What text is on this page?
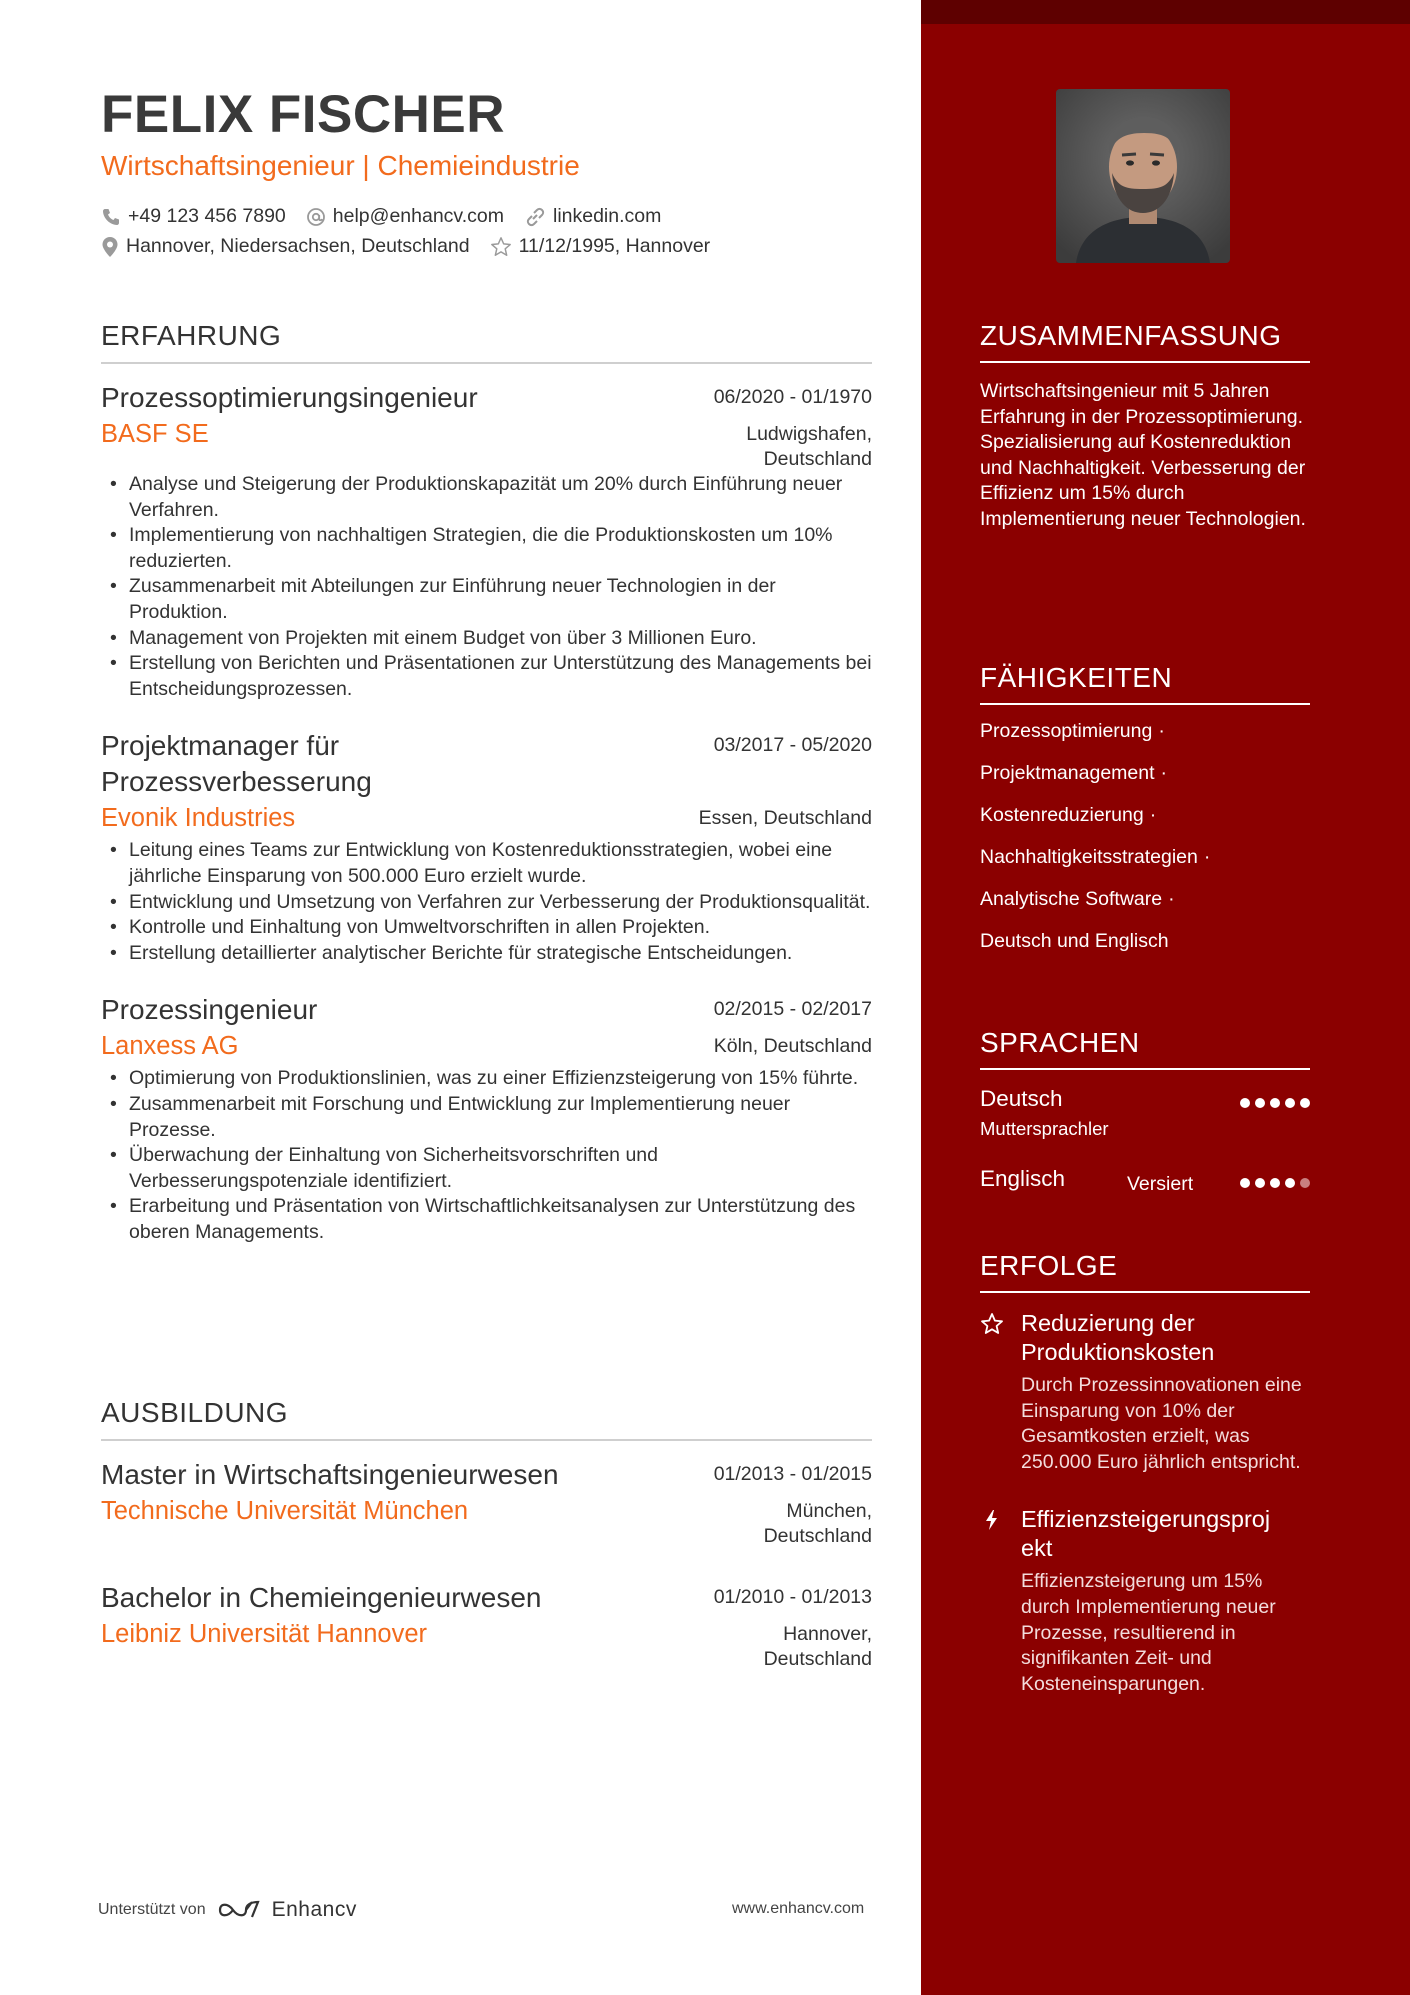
FELIX FISCHER
Wirtschaftsingenieur | Chemieindustrie
+49 123 456 7890 help@enhancv.com	linkedin.com
Hannover, Niedersachsen, Deutschland	11/12/1995, Hannover
ERFAHRUNG
06/2020 - 01/1970
Prozessoptimierungsingenieur
BASF SE	Ludwigshafen,
Deutschland
• Analyse und Steigerung der Produktionskapazität um 20% durch Einführung neuer Verfahren.
• Implementierung von nachhaltigen Strategien, die die Produktionskosten um 10% reduzierten.
• Zusammenarbeit mit Abteilungen zur Einführung neuer Technologien in der Produktion.
• Management von Projekten mit einem Budget von über 3 Millionen Euro.
• Erstellung von Berichten und Präsentationen zur Unterstützung des Managements bei Entscheidungsprozessen.
03/2017 - 05/2020
Projektmanager für
Prozessverbesserung
Evonik Industries	Essen, Deutschland
• Leitung eines Teams zur Entwicklung von Kostenreduktionsstrategien, wobei eine jährliche Einsparung von 500.000 Euro erzielt wurde.
• Entwicklung und Umsetzung von Verfahren zur Verbesserung der Produktionsqualität.
• Kontrolle und Einhaltung von Umweltvorschriften in allen Projekten.
• Erstellung detaillierter analytischer Berichte für strategische Entscheidungen.
02/2015 - 02/2017
Prozessingenieur
Lanxess AG	Köln, Deutschland
• Optimierung von Produktionslinien, was zu einer Effizienzsteigerung von 15% führte.
• Zusammenarbeit mit Forschung und Entwicklung zur Implementierung neuer Prozesse.
• Überwachung der Einhaltung von Sicherheitsvorschriften und Verbesserungspotenziale identifiziert.
• Erarbeitung und Präsentation von Wirtschaftlichkeitsanalysen zur Unterstützung des oberen Managements.
AUSBILDUNG
01/2013 - 01/2015
Master in Wirtschaftsingenieurwesen
Technische Universität München	München,
Deutschland
01/2010 - 01/2013
Bachelor in Chemieingenieurwesen
Leibniz Universität Hannover	Hannover,
Deutschland
Unterstützt von	Enhancv	www.enhancv.com
ZUSAMMENFASSUNG
Wirtschaftsingenieur mit 5 Jahren Erfahrung in der Prozessoptimierung. Spezialisierung auf Kostenreduktion und Nachhaltigkeit. Verbesserung der Effizienz um 15% durch Implementierung neuer Technologien.
FÄHIGKEITEN
Prozessoptimierung ·
Projektmanagement ·
Kostenreduzierung ·
Nachhaltigkeitsstrategien ·
Analytische Software ·
Deutsch und Englisch
SPRACHEN
Deutsch
Muttersprachler
Englisch	Versiert
ERFOLGE
Reduzierung der Produktionskosten
Durch Prozessinnovationen eine Einsparung von 10% der Gesamtkosten erzielt, was 250.000 Euro jährlich entspricht.
Effizienzsteigerungsproj
ekt
Effizienzsteigerung um 15% durch Implementierung neuer Prozesse, resultierend in signifikanten Zeit- und Kosteneinsparungen.
